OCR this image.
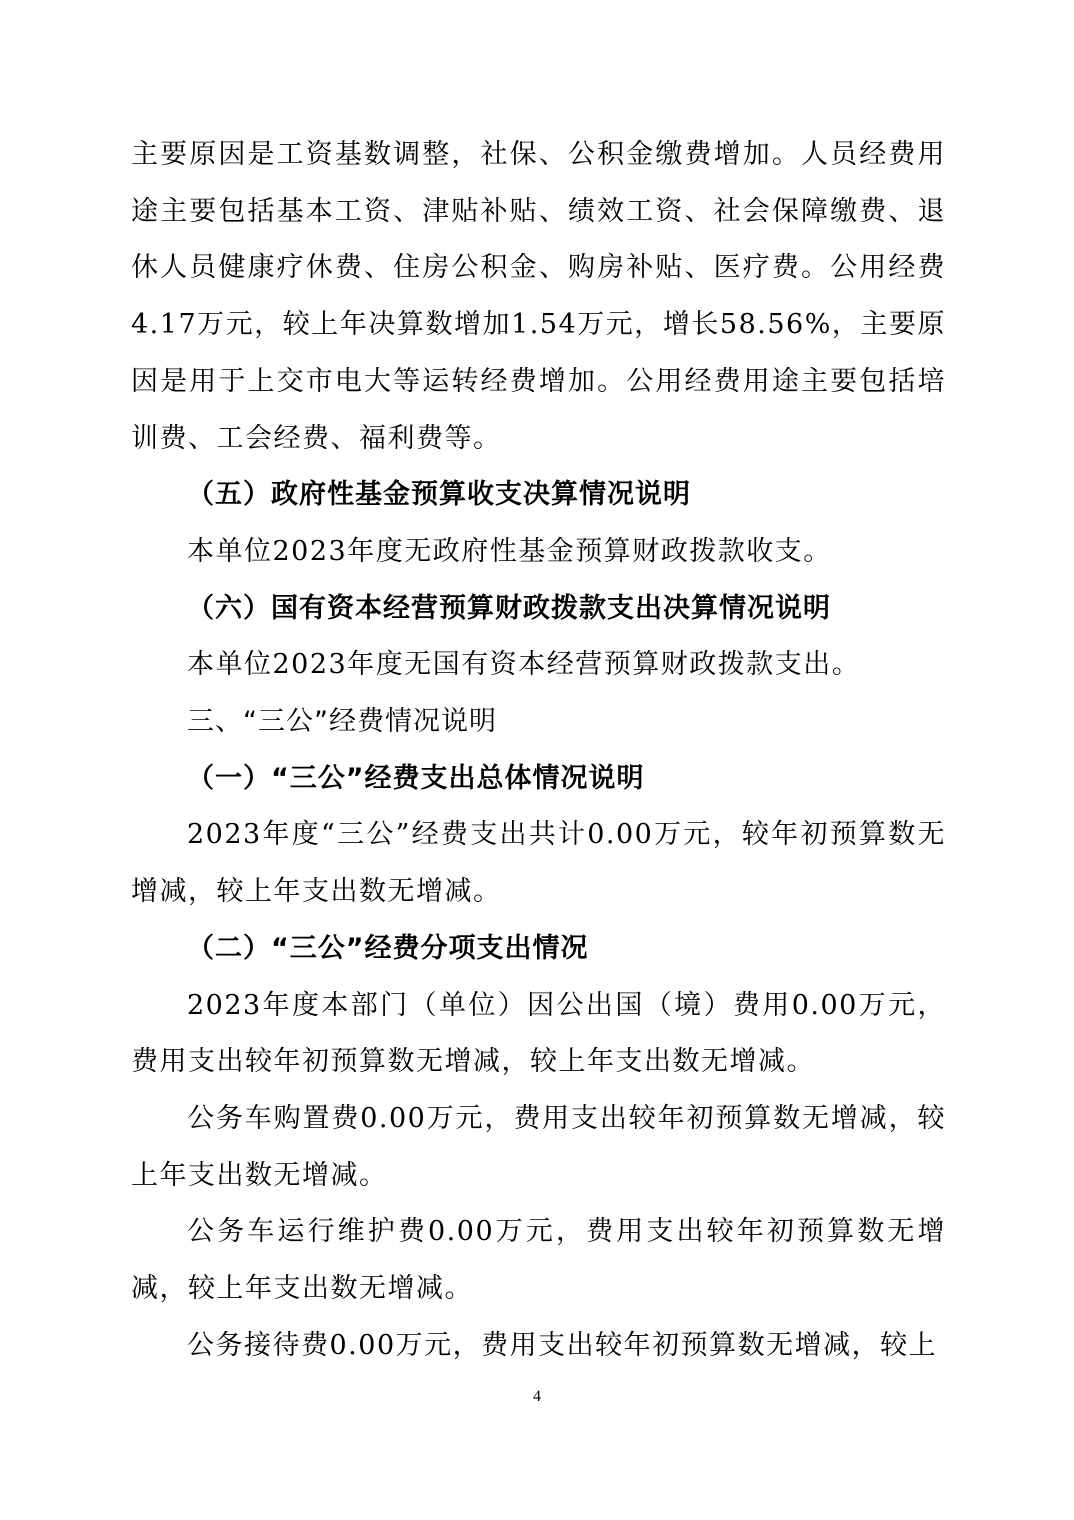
主要原因是工资基数调整，社保、公积金缴费增加。人员经费用途主要包括基本工资、津贴补贴、绩效工资、社会保障缴费、退休人员健康疗休费、住房公积金、购房补贴、医疗费。公用经费4.17万元，较上年决算数增加1.54万元，增长58.56%，主要原因是用于上交市电大等运转经费增加。公用经费用途主要包括培训费、工会经费、福利费等。

（五）政府性基金预算收支决算情况说明

本单位2023年度无政府性基金预算财政拨款收支。

（六）国有资本经营预算财政拨款支出决算情况说明

本单位2023年度无国有资本经营预算财政拨款支出。

三、“三公”经费情况说明

（一）“三公”经费支出总体情况说明

2023年度“三公”经费支出共计0.00万元，较年初预算数无增减，较上年支出数无增减。

（二）“三公”经费分项支出情况

2023年度本部门（单位）因公出国（境）费用0.00万元，费用支出较年初预算数无增减，较上年支出数无增减。

公务车购置费0.00万元，费用支出较年初预算数无增减，较上年支出数无增减。

公务车运行维护费0.00万元，费用支出较年初预算数无增减，较上年支出数无增减。

公务接待费0.00万元，费用支出较年初预算数无增减，较上

4
